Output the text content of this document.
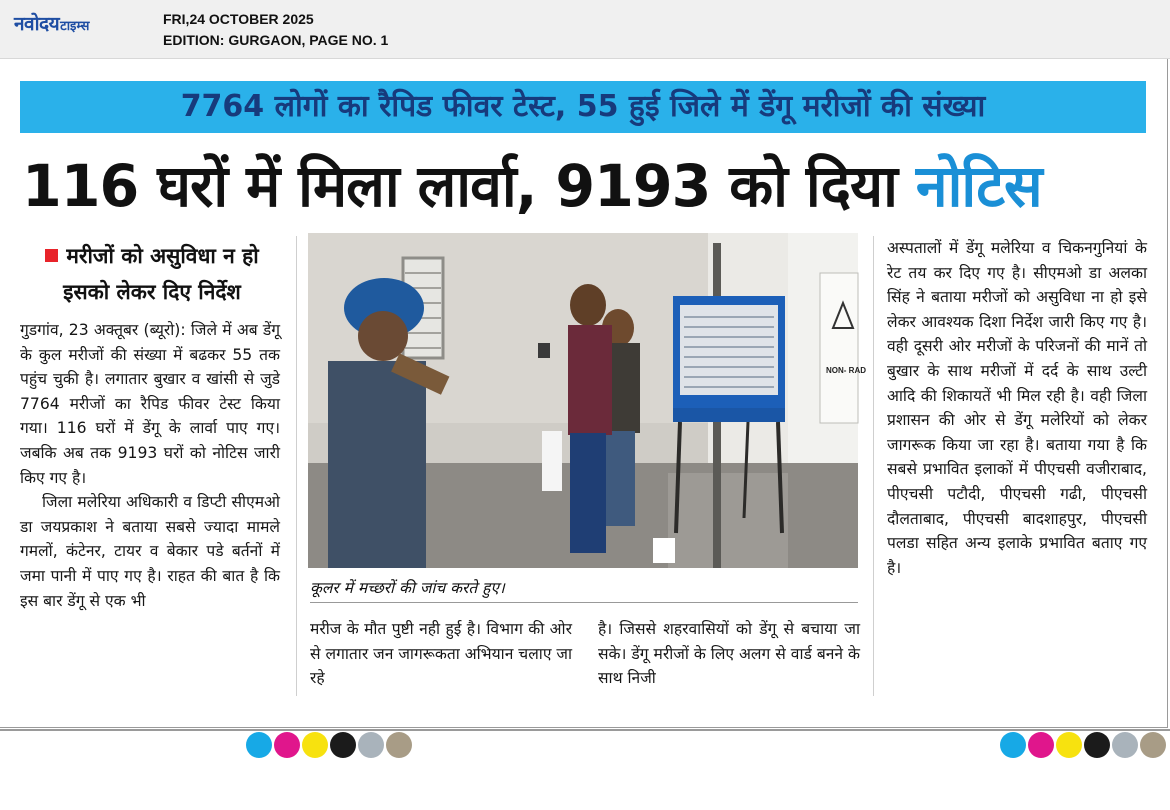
नवोदय टाइम्स	FRI,24 OCTOBER 2025
EDITION: GURGAON, PAGE NO. 1
7764 लोगों का रैपिड फीवर टेस्ट, 55 हुई जिले में डेंगू मरीजों की संख्या
116 घरों में मिला लार्वा, 9193 को दिया नोटिस
मरीजों को असुविधा न हो
इसको लेकर दिए निर्देश

गुडगांव, 23 अक्तूबर (ब्यूरो): जिले में अब डेंगू के कुल मरीजों की संख्या में बढकर 55 तक पहुंच चुकी है। लगातार बुखार व खांसी से जुडे 7764 मरीजों का रैपिड फीवर टेस्ट किया गया। 116 घरों में डेंगू के लार्वा पाए गए। जबकि अब तक 9193 घरों को नोटिस जारी किए गए है।

जिला मलेरिया अधिकारी व डिप्टी सीएमओ डा जयप्रकाश ने बताया सबसे ज्यादा मामले गमलों, कंटेनर, टायर व बेकार पडे बर्तनों में जमा पानी में पाए गए है। राहत की बात है कि इस बार डेंगू से एक भी

NON- RAD
कूलर में मच्छरों की जांच करते हुए।

मरीज के मौत पुष्टी नही हुई है। विभाग की ओर से लगातार जन जागरूकता अभियान चलाए जा रहे

है। जिससे शहरवासियों को डेंगू से बचाया जा सके। डेंगू मरीजों के लिए अलग से वार्ड बनने के साथ निजी

अस्पतालों में डेंगू मलेरिया व चिकनगुनियां के रेट तय कर दिए गए है। सीएमओ डा अलका सिंह ने बताया मरीजों को असुविधा ना हो इसे लेकर आवश्यक दिशा निर्देश जारी किए गए है। वही दूसरी ओर मरीजों के परिजनों की मानें तो बुखार के साथ मरीजों में दर्द के साथ उल्टी आदि की शिकायतें भी मिल रही है। वही जिला प्रशासन की ओर से डेंगू मलेरियों को लेकर जागरूक किया जा रहा है। बताया गया है कि सबसे प्रभावित इलाकों में पीएचसी वजीराबाद, पीएचसी पटौदी, पीएचसी गढी, पीएचसी दौलताबाद, पीएचसी बादशाहपुर, पीएचसी पलडा सहित अन्य इलाके प्रभावित बताए गए है।
